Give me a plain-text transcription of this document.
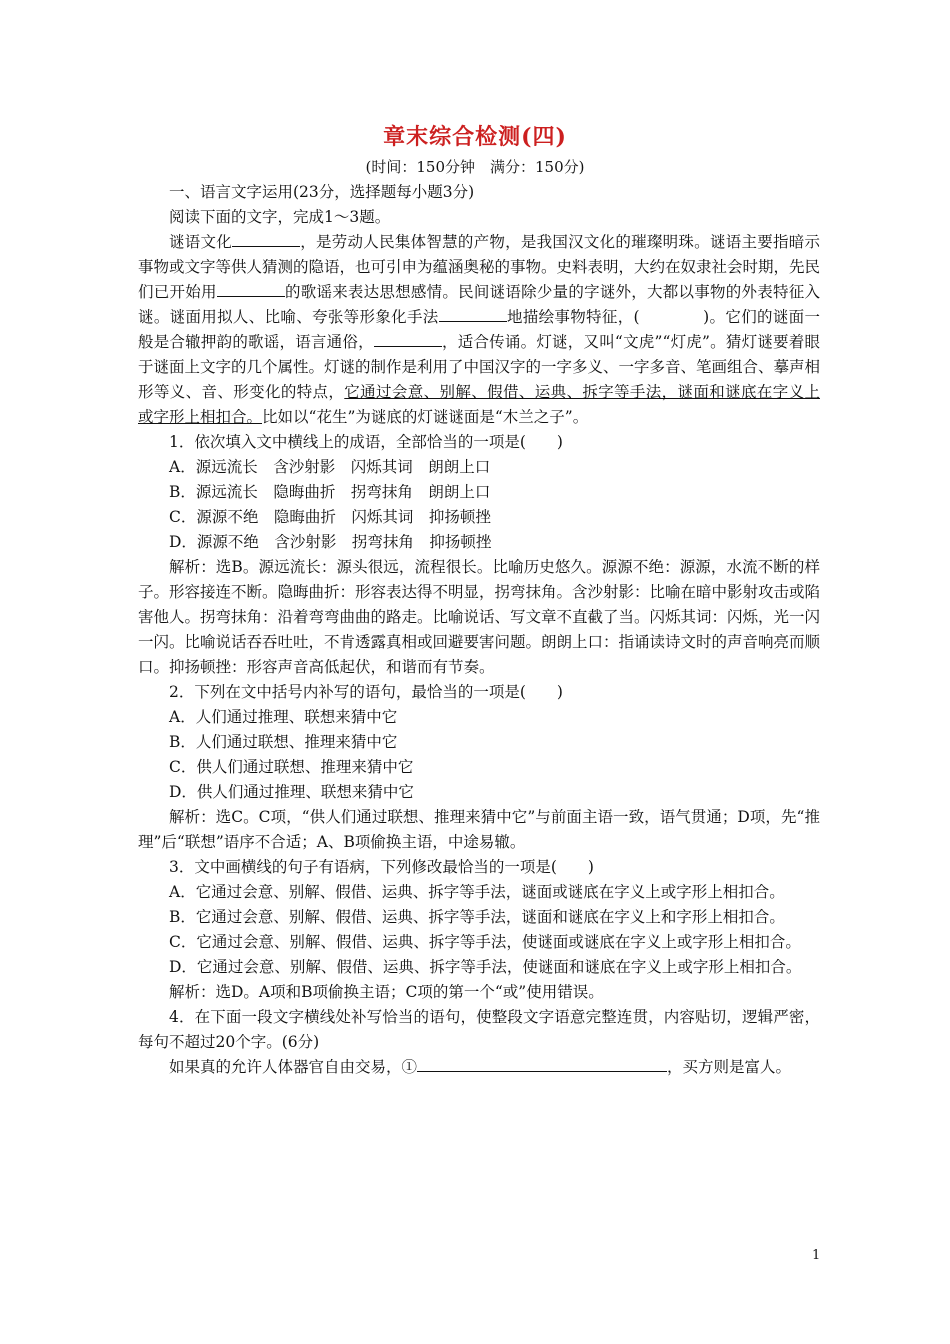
章末综合检测(四)
(时间：150分钟　满分：150分)

一、语言文字运用(23分，选择题每小题3分)

阅读下面的文字，完成1～3题。

谜语文化	，是劳动人民集体智慧的产物，是我国汉文化的璀璨明珠。谜语主要指暗示事物或文字等供人猜测的隐语，也可引申为蕴涵奥秘的事物。史料表明，大约在奴隶社会时期，先民们已开始用	的歌谣来表达思想感情。民间谜语除少量的字谜外，大都以事物的外表特征入谜。谜面用拟人、比喻、夸张等形象化手法	地描绘事物特征，(　　　　)。它们的谜面一般是合辙押韵的歌谣，语言通俗，	，适合传诵。灯谜，又叫“文虎”“灯虎”。猜灯谜要着眼于谜面上文字的几个属性。灯谜的制作是利用了中国汉字的一字多义、一字多音、笔画组合、摹声相形等义、音、形变化的特点，它通过会意、别解、假借、运典、拆字等手法，谜面和谜底在字义上或字形上相扣合。比如以“花生”为谜底的灯谜谜面是“木兰之子”。

1．依次填入文中横线上的成语，全部恰当的一项是(　　)

A．源远流长　含沙射影　闪烁其词　朗朗上口

B．源远流长　隐晦曲折　拐弯抹角　朗朗上口

C．源源不绝　隐晦曲折　闪烁其词　抑扬顿挫

D．源源不绝　含沙射影　拐弯抹角　抑扬顿挫

解析：选B。源远流长：源头很远，流程很长。比喻历史悠久。源源不绝：源源，水流不断的样子。形容接连不断。隐晦曲折：形容表达得不明显，拐弯抹角。含沙射影：比喻在暗中影射攻击或陷害他人。拐弯抹角：沿着弯弯曲曲的路走。比喻说话、写文章不直截了当。闪烁其词：闪烁，光一闪一闪。比喻说话吞吞吐吐，不肯透露真相或回避要害问题。朗朗上口：指诵读诗文时的声音响亮而顺口。抑扬顿挫：形容声音高低起伏，和谐而有节奏。

2．下列在文中括号内补写的语句，最恰当的一项是(　　)

A．人们通过推理、联想来猜中它

B．人们通过联想、推理来猜中它

C．供人们通过联想、推理来猜中它

D．供人们通过推理、联想来猜中它

解析：选C。C项，“供人们通过联想、推理来猜中它”与前面主语一致，语气贯通；D项，先“推理”后“联想”语序不合适；A、B项偷换主语，中途易辙。

3．文中画横线的句子有语病，下列修改最恰当的一项是(　　)

A．它通过会意、别解、假借、运典、拆字等手法，谜面或谜底在字义上或字形上相扣合。

B．它通过会意、别解、假借、运典、拆字等手法，谜面和谜底在字义上和字形上相扣合。

C．它通过会意、别解、假借、运典、拆字等手法，使谜面或谜底在字义上或字形上相扣合。

D．它通过会意、别解、假借、运典、拆字等手法，使谜面和谜底在字义上或字形上相扣合。

解析：选D。A项和B项偷换主语；C项的第一个“或”使用错误。

4．在下面一段文字横线处补写恰当的语句，使整段文字语意完整连贯，内容贴切，逻辑严密，每句不超过20个字。(6分)

如果真的允许人体器官自由交易，①	，买方则是富人。

1
